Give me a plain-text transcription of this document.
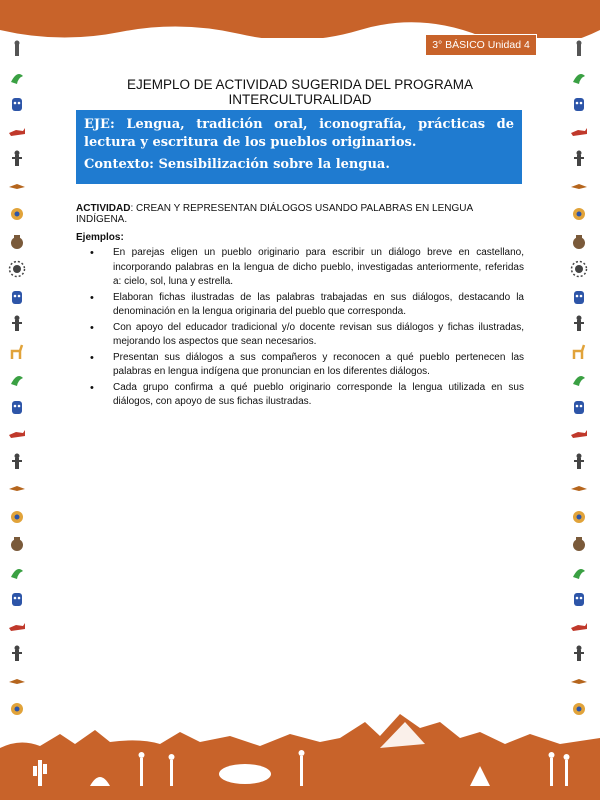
3° BÁSICO Unidad 4
EJEMPLO DE ACTIVIDAD SUGERIDA DEL PROGRAMA INTERCULTURALIDAD
EJE: Lengua, tradición oral, iconografía, prácticas de lectura y escritura de los pueblos originarios.
Contexto: Sensibilización sobre la lengua.
ACTIVIDAD: CREAN Y REPRESENTAN DIÁLOGOS USANDO PALABRAS EN LENGUA INDÍGENA.
Ejemplos:
• En parejas eligen un pueblo originario para escribir un diálogo breve en castellano, incorporando palabras en la lengua de dicho pueblo, investigadas anteriormente, referidas a: cielo, sol, luna y estrella.
• Elaboran fichas ilustradas de las palabras trabajadas en sus diálogos, destacando la denominación en la lengua originaria del pueblo que corresponda.
• Con apoyo del educador tradicional y/o docente revisan sus diálogos y fichas ilustradas, mejorando los aspectos que sean necesarios.
• Presentan sus diálogos a sus compañeros y reconocen a qué pueblo pertenecen las palabras en lengua indígena que pronuncian en los diferentes diálogos.
• Cada grupo confirma a qué pueblo originario corresponde la lengua utilizada en sus diálogos, con apoyo de sus fichas ilustradas.
